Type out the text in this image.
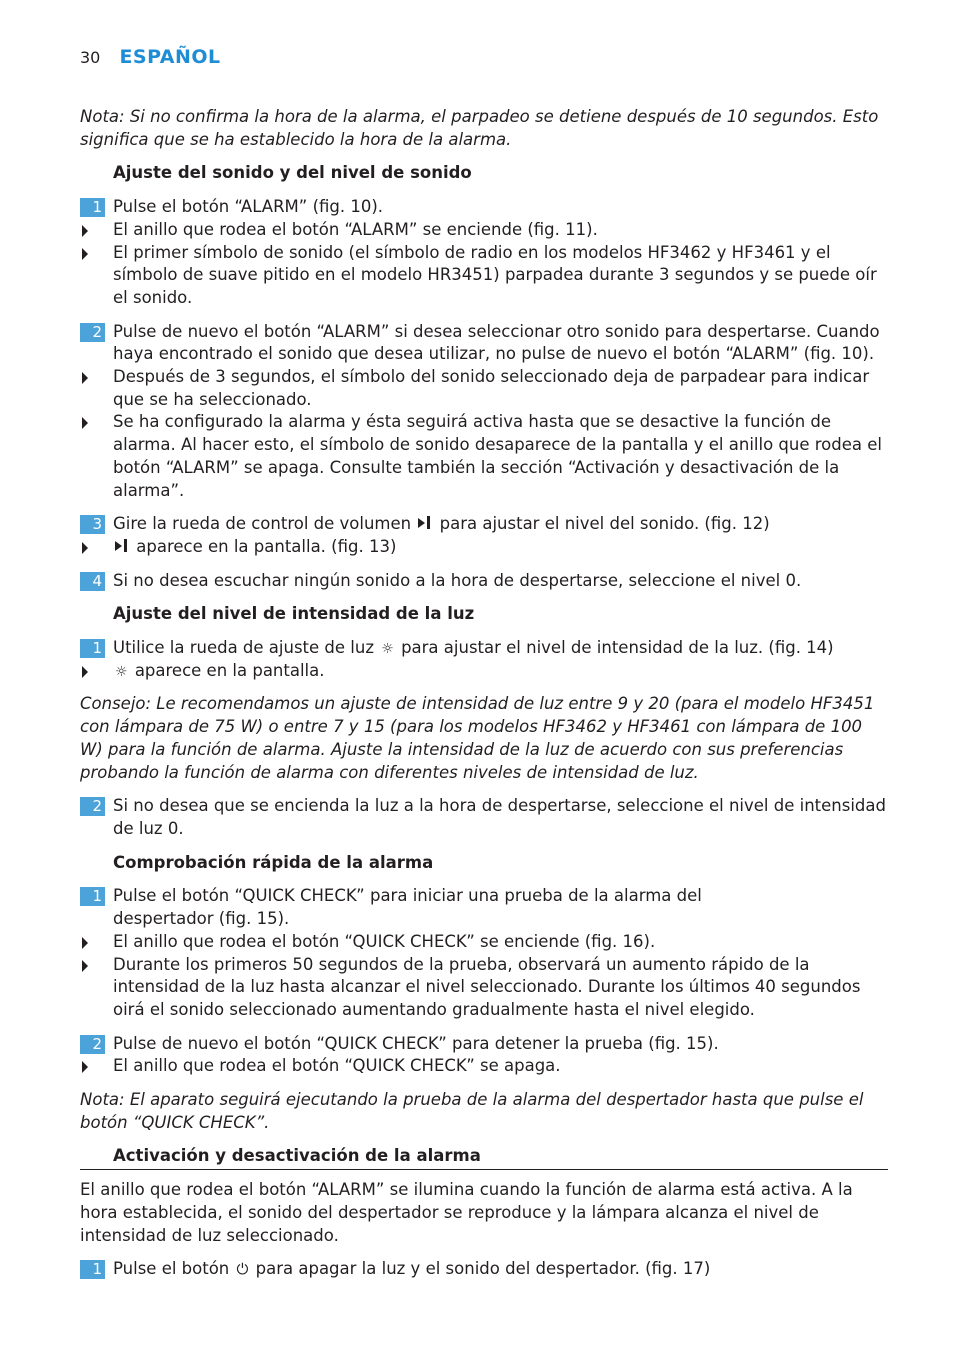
30 ESPAÑOL
Nota: Si no confirma la hora de la alarma, el parpadeo se detiene después de 10 segundos. Esto significa que se ha establecido la hora de la alarma.
Ajuste del sonido y del nivel de sonido
1 Pulse el botón “ALARM” (fig. 10).
El anillo que rodea el botón “ALARM” se enciende (fig. 11).
El primer símbolo de sonido (el símbolo de radio en los modelos HF3462 y HF3461 y el símbolo de suave pitido en el modelo HR3451) parpadea durante 3 segundos y se puede oír el sonido.
2 Pulse de nuevo el botón “ALARM” si desea seleccionar otro sonido para despertarse. Cuando haya encontrado el sonido que desea utilizar, no pulse de nuevo el botón “ALARM” (fig. 10).
Después de 3 segundos, el símbolo del sonido seleccionado deja de parpadear para indicar que se ha seleccionado.
Se ha configurado la alarma y ésta seguirá activa hasta que se desactive la función de alarma. Al hacer esto, el símbolo de sonido desaparece de la pantalla y el anillo que rodea el botón “ALARM” se apaga. Consulte también la sección “Activación y desactivación de la alarma”.
3 Gire la rueda de control de volumen para ajustar el nivel del sonido. (fig. 12)
aparece en la pantalla. (fig. 13)
4 Si no desea escuchar ningún sonido a la hora de despertarse, seleccione el nivel 0.
Ajuste del nivel de intensidad de la luz
1 Utilice la rueda de ajuste de luz ☼ para ajustar el nivel de intensidad de la luz. (fig. 14)
☼ aparece en la pantalla.
Consejo: Le recomendamos un ajuste de intensidad de luz entre 9 y 20 (para el modelo HF3451 con lámpara de 75 W) o entre 7 y 15 (para los modelos HF3462 y HF3461 con lámpara de 100 W) para la función de alarma. Ajuste la intensidad de la luz de acuerdo con sus preferencias probando la función de alarma con diferentes niveles de intensidad de luz.
2 Si no desea que se encienda la luz a la hora de despertarse, seleccione el nivel de intensidad de luz 0.
Comprobación rápida de la alarma
1 Pulse el botón “QUICK CHECK” para iniciar una prueba de la alarma del despertador (fig. 15).
El anillo que rodea el botón “QUICK CHECK” se enciende (fig. 16).
Durante los primeros 50 segundos de la prueba, observará un aumento rápido de la intensidad de la luz hasta alcanzar el nivel seleccionado. Durante los últimos 40 segundos oirá el sonido seleccionado aumentando gradualmente hasta el nivel elegido.
2 Pulse de nuevo el botón “QUICK CHECK” para detener la prueba (fig. 15).
El anillo que rodea el botón “QUICK CHECK” se apaga.
Nota: El aparato seguirá ejecutando la prueba de la alarma del despertador hasta que pulse el botón “QUICK CHECK”.
Activación y desactivación de la alarma
El anillo que rodea el botón “ALARM” se ilumina cuando la función de alarma está activa. A la hora establecida, el sonido del despertador se reproduce y la lámpara alcanza el nivel de intensidad de luz seleccionado.
1 Pulse el botón ⏻ para apagar la luz y el sonido del despertador. (fig. 17)
